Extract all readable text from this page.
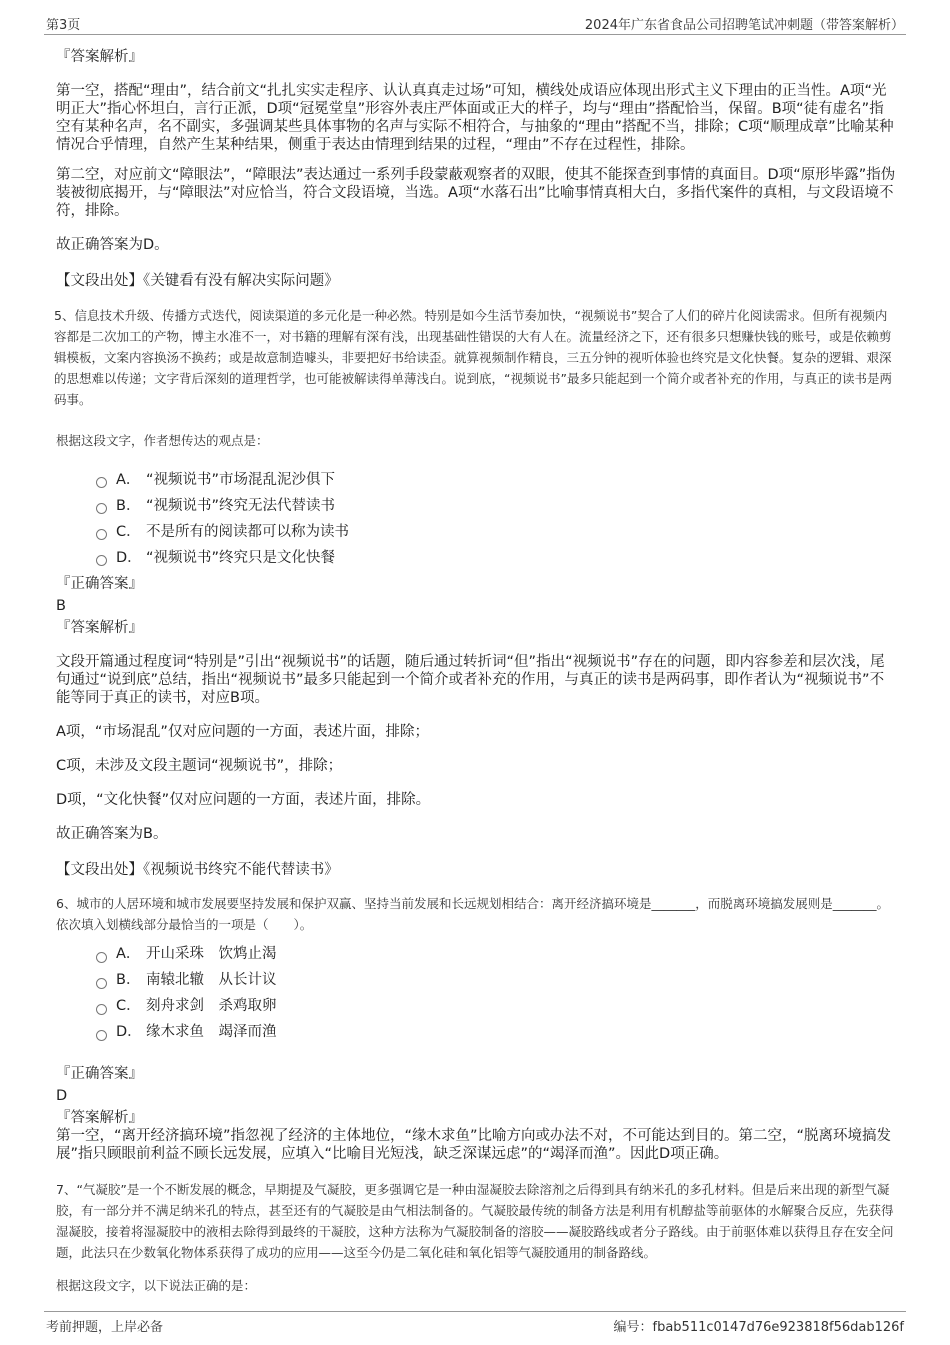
第3页	2024年广东省食品公司招聘笔试冲刺题（带答案解析）
『答案解析』

第一空，搭配“理由”，结合前文“扎扎实实走程序、认认真真走过场”可知，横线处成语应体现出形式主义下理由的正当性。A项“光明正大”指心怀坦白，言行正派，D项“冠冕堂皇”形容外表庄严体面或正大的样子，均与“理由”搭配恰当，保留。B项“徒有虚名”指空有某种名声，名不副实，多强调某些具体事物的名声与实际不相符合，与抽象的“理由”搭配不当，排除；C项“顺理成章”比喻某种情况合乎情理，自然产生某种结果，侧重于表达由情理到结果的过程，“理由”不存在过程性，排除。

第二空，对应前文“障眼法”，“障眼法”表达通过一系列手段蒙蔽观察者的双眼，使其不能探查到事情的真面目。D项“原形毕露”指伪装被彻底揭开，与“障眼法”对应恰当，符合文段语境，当选。A项“水落石出”比喻事情真相大白，多指代案件的真相，与文段语境不符，排除。

故正确答案为D。

【文段出处】《关键看有没有解决实际问题》

5、信息技术升级、传播方式迭代，阅读渠道的多元化是一种必然。特别是如今生活节奏加快，“视频说书”契合了人们的碎片化阅读需求。但所有视频内容都是二次加工的产物，博主水准不一，对书籍的理解有深有浅，出现基础性错误的大有人在。流量经济之下，还有很多只想赚快钱的账号，或是依赖剪辑模板，文案内容换汤不换药；或是故意制造噱头，非要把好书给读歪。就算视频制作精良，三五分钟的视听体验也终究是文化快餐。复杂的逻辑、艰深的思想难以传递；文字背后深刻的道理哲学，也可能被解读得单薄浅白。说到底，“视频说书”最多只能起到一个简介或者补充的作用，与真正的读书是两码事。

根据这段文字，作者想传达的观点是：

A． “视频说书”市场混乱泥沙俱下
B． “视频说书”终究无法代替读书
C． 不是所有的阅读都可以称为读书
D． “视频说书”终究只是文化快餐
『正确答案』
B
『答案解析』

文段开篇通过程度词“特别是”引出“视频说书”的话题，随后通过转折词“但”指出“视频说书”存在的问题，即内容参差和层次浅，尾句通过“说到底”总结，指出“视频说书”最多只能起到一个简介或者补充的作用，与真正的读书是两码事，即作者认为“视频说书”不能等同于真正的读书，对应B项。

A项，“市场混乱”仅对应问题的一方面，表述片面，排除；

C项，未涉及文段主题词“视频说书”，排除；

D项，“文化快餐”仅对应问题的一方面，表述片面，排除。

故正确答案为B。

【文段出处】《视频说书终究不能代替读书》

6、城市的人居环境和城市发展要坚持发展和保护双赢、坚持当前发展和长远规划相结合：离开经济搞环境是_______，而脱离环境搞发展则是_______。

依次填入划横线部分最恰当的一项是（　　）。

A． 开山采珠　饮鸩止渴
B． 南辕北辙　从长计议
C． 刻舟求剑　杀鸡取卵
D． 缘木求鱼　竭泽而渔
『正确答案』
D
『答案解析』

第一空，“离开经济搞环境”指忽视了经济的主体地位，“缘木求鱼”比喻方向或办法不对，不可能达到目的。第二空，“脱离环境搞发展”指只顾眼前利益不顾长远发展，应填入“比喻目光短浅，缺乏深谋远虑”的“竭泽而渔”。因此D项正确。

7、“气凝胶”是一个不断发展的概念，早期提及气凝胶，更多强调它是一种由湿凝胶去除溶剂之后得到具有纳米孔的多孔材料。但是后来出现的新型气凝胶，有一部分并不满足纳米孔的特点，甚至还有的气凝胶是由气相法制备的。气凝胶最传统的制备方法是利用有机醇盐等前驱体的水解聚合反应，先获得湿凝胶，接着将湿凝胶中的液相去除得到最终的干凝胶，这种方法称为气凝胶制备的溶胶——凝胶路线或者分子路线。由于前驱体难以获得且存在安全问题，此法只在少数氧化物体系获得了成功的应用——这至今仍是二氧化硅和氧化铝等气凝胶通用的制备路线。

根据这段文字，以下说法正确的是：

考前押题，上岸必备	编号：fbab511c0147d76e923818f56dab126f
